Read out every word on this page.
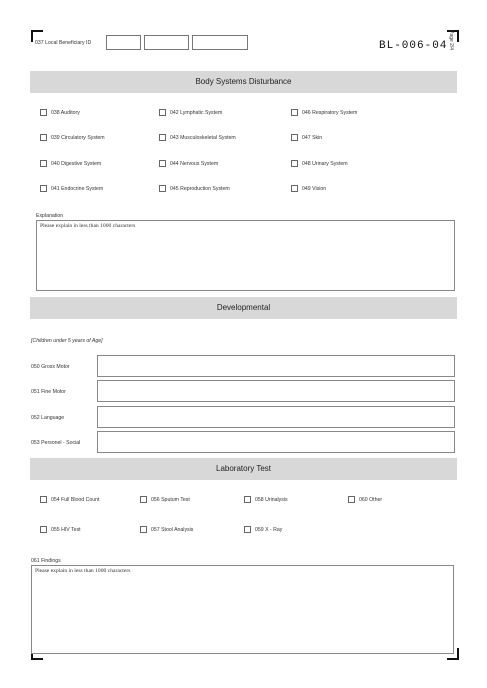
037 Local Beneficiary ID	BL-006-04 Page 2/4
Body Systems Disturbance
038 Auditory
039 Circulatory System
040 Digestive System
041 Endocrine System
042 Lymphatic System
043 Musculoskeletal System
044 Nervous System
045 Reproduction System
046 Respiratory System
047 Skin
048 Urinary System
049 Vision
Explanation
Please explain in less than 1000 characters
Developmental
[Children under 5 years of Age]
050 Gross Motor
051 Fine Motor
052 Language
053 Personel - Social
Laboratory Test
054 Full Blood Count
055 HIV Test
056 Sputum Test
057 Stool Analysis
058 Urinalysis
059 X - Ray
060 Other
061 Findings
Please explain in less than 1000 characters
